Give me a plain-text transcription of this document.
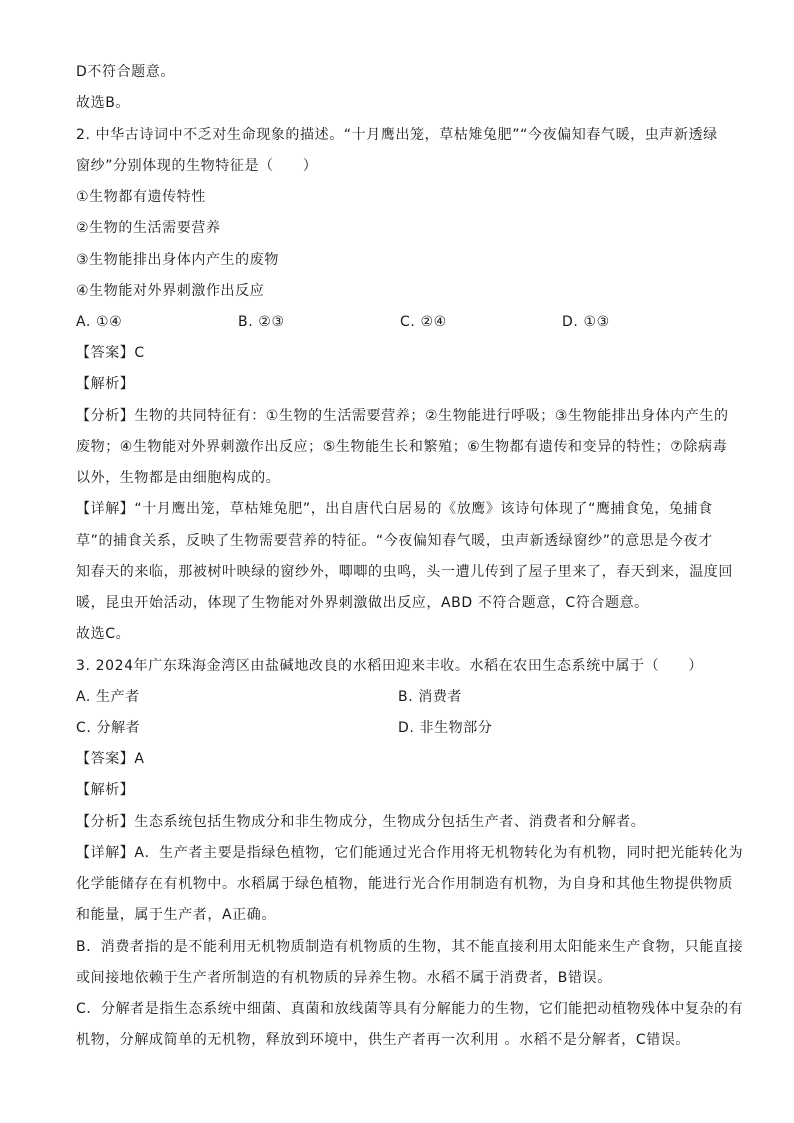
D不符合题意。
故选B。
2. 中华古诗词中不乏对生命现象的描述。“十月鹰出笼，草枯雉兔肥”“今夜偏知春气暖，虫声新透绿
窗纱”分别体现的生物特征是（　　）
①生物都有遗传特性
②生物的生活需要营养
③生物能排出身体内产生的废物
④生物能对外界刺激作出反应
A. ①④	B. ②③	C. ②④	D. ①③
【答案】C
【解析】
【分析】生物的共同特征有：①生物的生活需要营养；②生物能进行呼吸；③生物能排出身体内产生的
废物；④生物能对外界刺激作出反应；⑤生物能生长和繁殖；⑥生物都有遗传和变异的特性；⑦除病毒
以外，生物都是由细胞构成的。
【详解】“十月鹰出笼，草枯雉兔肥”，出自唐代白居易的《放鹰》该诗句体现了“鹰捕食兔，兔捕食
草”的捕食关系，反映了生物需要营养的特征。“今夜偏知春气暖，虫声新透绿窗纱”的意思是今夜才
知春天的来临，那被树叶映绿的窗纱外，唧唧的虫鸣，头一遭儿传到了屋子里来了，春天到来，温度回
暖，昆虫开始活动，体现了生物能对外界刺激做出反应，ABD 不符合题意，C符合题意。
故选C。
3. 2024年广东珠海金湾区由盐碱地改良的水稻田迎来丰收。水稻在农田生态系统中属于（　　）
A. 生产者	B. 消费者
C. 分解者	D. 非生物部分
【答案】A
【解析】
【分析】生态系统包括生物成分和非生物成分，生物成分包括生产者、消费者和分解者。
【详解】A．生产者主要是指绿色植物，它们能通过光合作用将无机物转化为有机物，同时把光能转化为
化学能储存在有机物中。水稻属于绿色植物，能进行光合作用制造有机物，为自身和其他生物提供物质
和能量，属于生产者，A正确。
B．消费者指的是不能利用无机物质制造有机物质的生物，其不能直接利用太阳能来生产食物，只能直接
或间接地依赖于生产者所制造的有机物质的异养生物。水稻不属于消费者，B错误。
C．分解者是指生态系统中细菌、真菌和放线菌等具有分解能力的生物，它们能把动植物残体中复杂的有
机物，分解成简单的无机物，释放到环境中，供生产者再一次利用 。水稻不是分解者，C错误。
